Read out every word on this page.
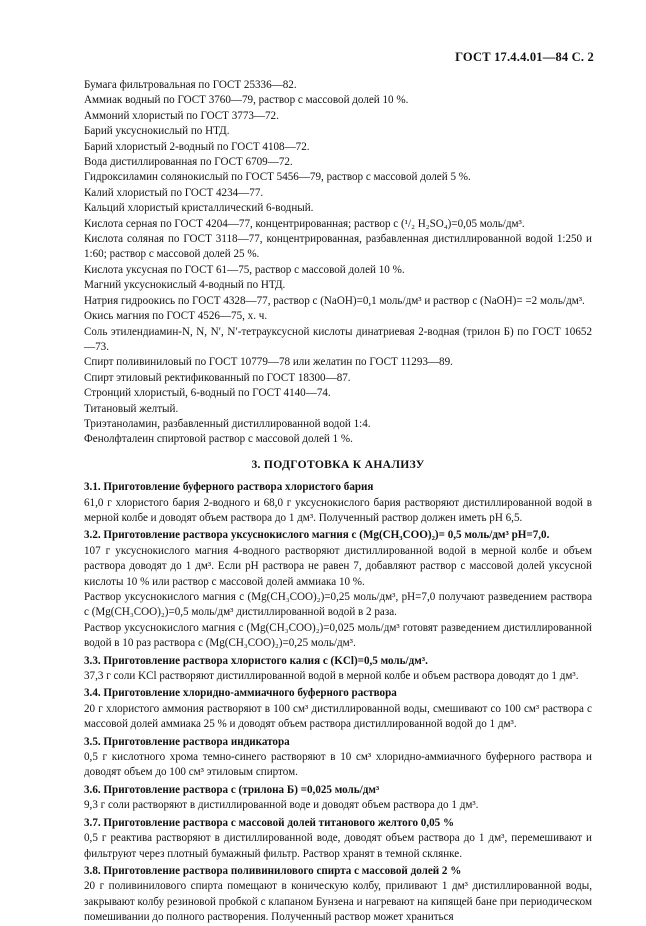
ГОСТ 17.4.4.01—84 С. 2

Бумага фильтровальная по ГОСТ 25336—82.

Аммиак водный по ГОСТ 3760—79, раствор с массовой долей 10 %.

Аммоний хлористый по ГОСТ 3773—72.

Барий уксуснокислый по НТД.

Барий хлористый 2-водный по ГОСТ 4108—72.

Вода дистиллированная по ГОСТ 6709—72.

Гидроксиламин солянокислый по ГОСТ 5456—79, раствор с массовой долей 5 %.

Калий хлористый по ГОСТ 4234—77.

Кальций хлористый кристаллический 6-водный.

Кислота серная по ГОСТ 4204—77, концентрированная; раствор с (¹/₂ H₂SO₄)=0,05 моль/дм³.

Кислота соляная по ГОСТ 3118—77, концентрированная, разбавленная дистиллированной водой 1:250 и 1:60; раствор с массовой долей 25 %.

Кислота уксусная по ГОСТ 61—75, раствор с массовой долей 10 %.

Магний уксуснокислый 4-водный по НТД.

Натрия гидроокись по ГОСТ 4328—77, раствор с (NaOH)=0,1 моль/дм³ и раствор с (NaOH)= =2 моль/дм³.

Окись магния по ГОСТ 4526—75, х. ч.

Соль этилендиамин-N, N, N′, N′-тетрауксусной кислоты динатриевая 2-водная (трилон Б) по ГОСТ 10652—73.

Спирт поливиниловый по ГОСТ 10779—78 или желатин по ГОСТ 11293—89.

Спирт этиловый ректификованный по ГОСТ 18300—87.

Стронций хлористый, 6-водный по ГОСТ 4140—74.

Титановый желтый.

Триэтаноламин, разбавленный дистиллированной водой 1:4.

Фенолфталеин спиртовой раствор с массовой долей 1 %.

3. ПОДГОТОВКА К АНАЛИЗУ

3.1. Приготовление буферного раствора хлористого бария

61,0 г хлористого бария 2-водного и 68,0 г уксуснокислого бария растворяют дистиллированной водой в мерной колбе и доводят объем раствора до 1 дм³. Полученный раствор должен иметь pH 6,5.

3.2. Приготовление раствора уксуснокислого магния с (Mg(CH₃COO)₂)= 0,5 моль/дм³ pH=7,0.

107 г уксуснокислого магния 4-водного растворяют дистиллированной водой в мерной колбе и объем раствора доводят до 1 дм³. Если pH раствора не равен 7, добавляют раствор с массовой долей уксусной кислоты 10 % или раствор с массовой долей аммиака 10 %.

Раствор уксуснокислого магния с (Mg(CH₃COO)₂)=0,25 моль/дм³, pH=7,0 получают разведением раствора с (Mg(CH₃COO)₂)=0,5 моль/дм³ дистиллированной водой в 2 раза.

Раствор уксуснокислого магния с (Mg(CH₃COO)₂)=0,025 моль/дм³ готовят разведением дистиллированной водой в 10 раз раствора с (Mg(CH₃COO)₂)=0,25 моль/дм³.

3.3. Приготовление раствора хлористого калия с (KCl)=0,5 моль/дм³.

37,3 г соли KCl растворяют дистиллированной водой в мерной колбе и объем раствора доводят до 1 дм³.

3.4. Приготовление хлоридно-аммиачного буферного раствора

20 г хлористого аммония растворяют в 100 см³ дистиллированной воды, смешивают со 100 см³ раствора с массовой долей аммиака 25 % и доводят объем раствора дистиллированной водой до 1 дм³.

3.5. Приготовление раствора индикатора

0,5 г кислотного хрома темно-синего растворяют в 10 см³ хлоридно-аммиачного буферного раствора и доводят объем до 100 см³ этиловым спиртом.

3.6. Приготовление раствора с (трилона Б) =0,025 моль/дм³

9,3 г соли растворяют в дистиллированной воде и доводят объем раствора до 1 дм³.

3.7. Приготовление раствора с массовой долей титанового желтого 0,05 %

0,5 г реактива растворяют в дистиллированной воде, доводят объем раствора до 1 дм³, перемешивают и фильтруют через плотный бумажный фильтр. Раствор хранят в темной склянке.

3.8. Приготовление раствора поливинилового спирта с массовой долей 2 %

20 г поливинилового спирта помещают в коническую колбу, приливают 1 дм³ дистиллированной воды, закрывают колбу резиновой пробкой с клапаном Бунзена и нагревают на кипящей бане при периодическом помешивании до полного растворения. Полученный раствор может храниться
